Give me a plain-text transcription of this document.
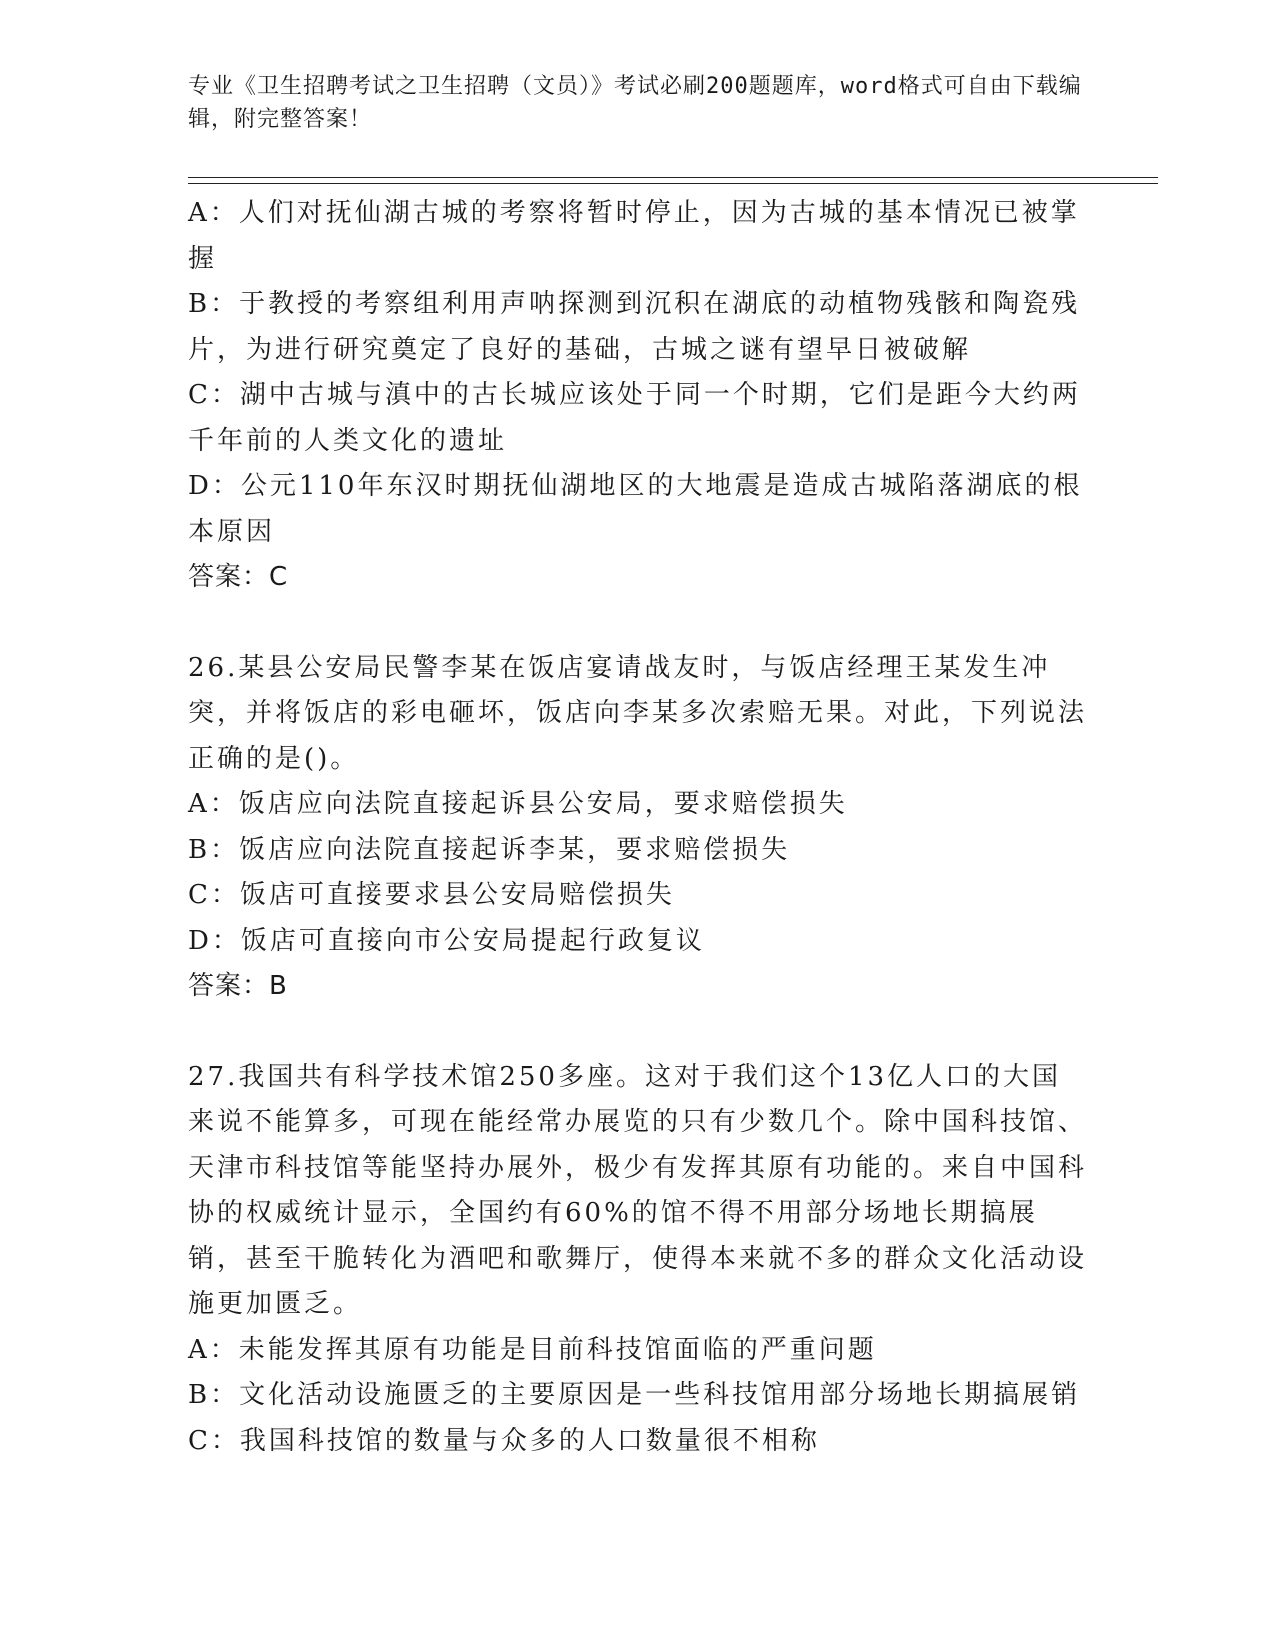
专业《卫生招聘考试之卫生招聘（文员）》考试必刷200题题库，word格式可自由下载编辑，附完整答案！

A：人们对抚仙湖古城的考察将暂时停止，因为古城的基本情况已被掌握

B：于教授的考察组利用声呐探测到沉积在湖底的动植物残骸和陶瓷残片，为进行研究奠定了良好的基础，古城之谜有望早日被破解

C：湖中古城与滇中的古长城应该处于同一个时期，它们是距今大约两千年前的人类文化的遗址

D：公元110年东汉时期抚仙湖地区的大地震是造成古城陷落湖底的根本原因

答案：C

26.某县公安局民警李某在饭店宴请战友时，与饭店经理王某发生冲突，并将饭店的彩电砸坏，饭店向李某多次索赔无果。对此，下列说法正确的是()。

A：饭店应向法院直接起诉县公安局，要求赔偿损失

B：饭店应向法院直接起诉李某，要求赔偿损失

C：饭店可直接要求县公安局赔偿损失

D：饭店可直接向市公安局提起行政复议

答案：B

27.我国共有科学技术馆250多座。这对于我们这个13亿人口的大国来说不能算多，可现在能经常办展览的只有少数几个。除中国科技馆、天津市科技馆等能坚持办展外，极少有发挥其原有功能的。来自中国科协的权威统计显示，全国约有60%的馆不得不用部分场地长期搞展销，甚至干脆转化为酒吧和歌舞厅，使得本来就不多的群众文化活动设施更加匮乏。

A：未能发挥其原有功能是目前科技馆面临的严重问题

B：文化活动设施匮乏的主要原因是一些科技馆用部分场地长期搞展销

C：我国科技馆的数量与众多的人口数量很不相称
